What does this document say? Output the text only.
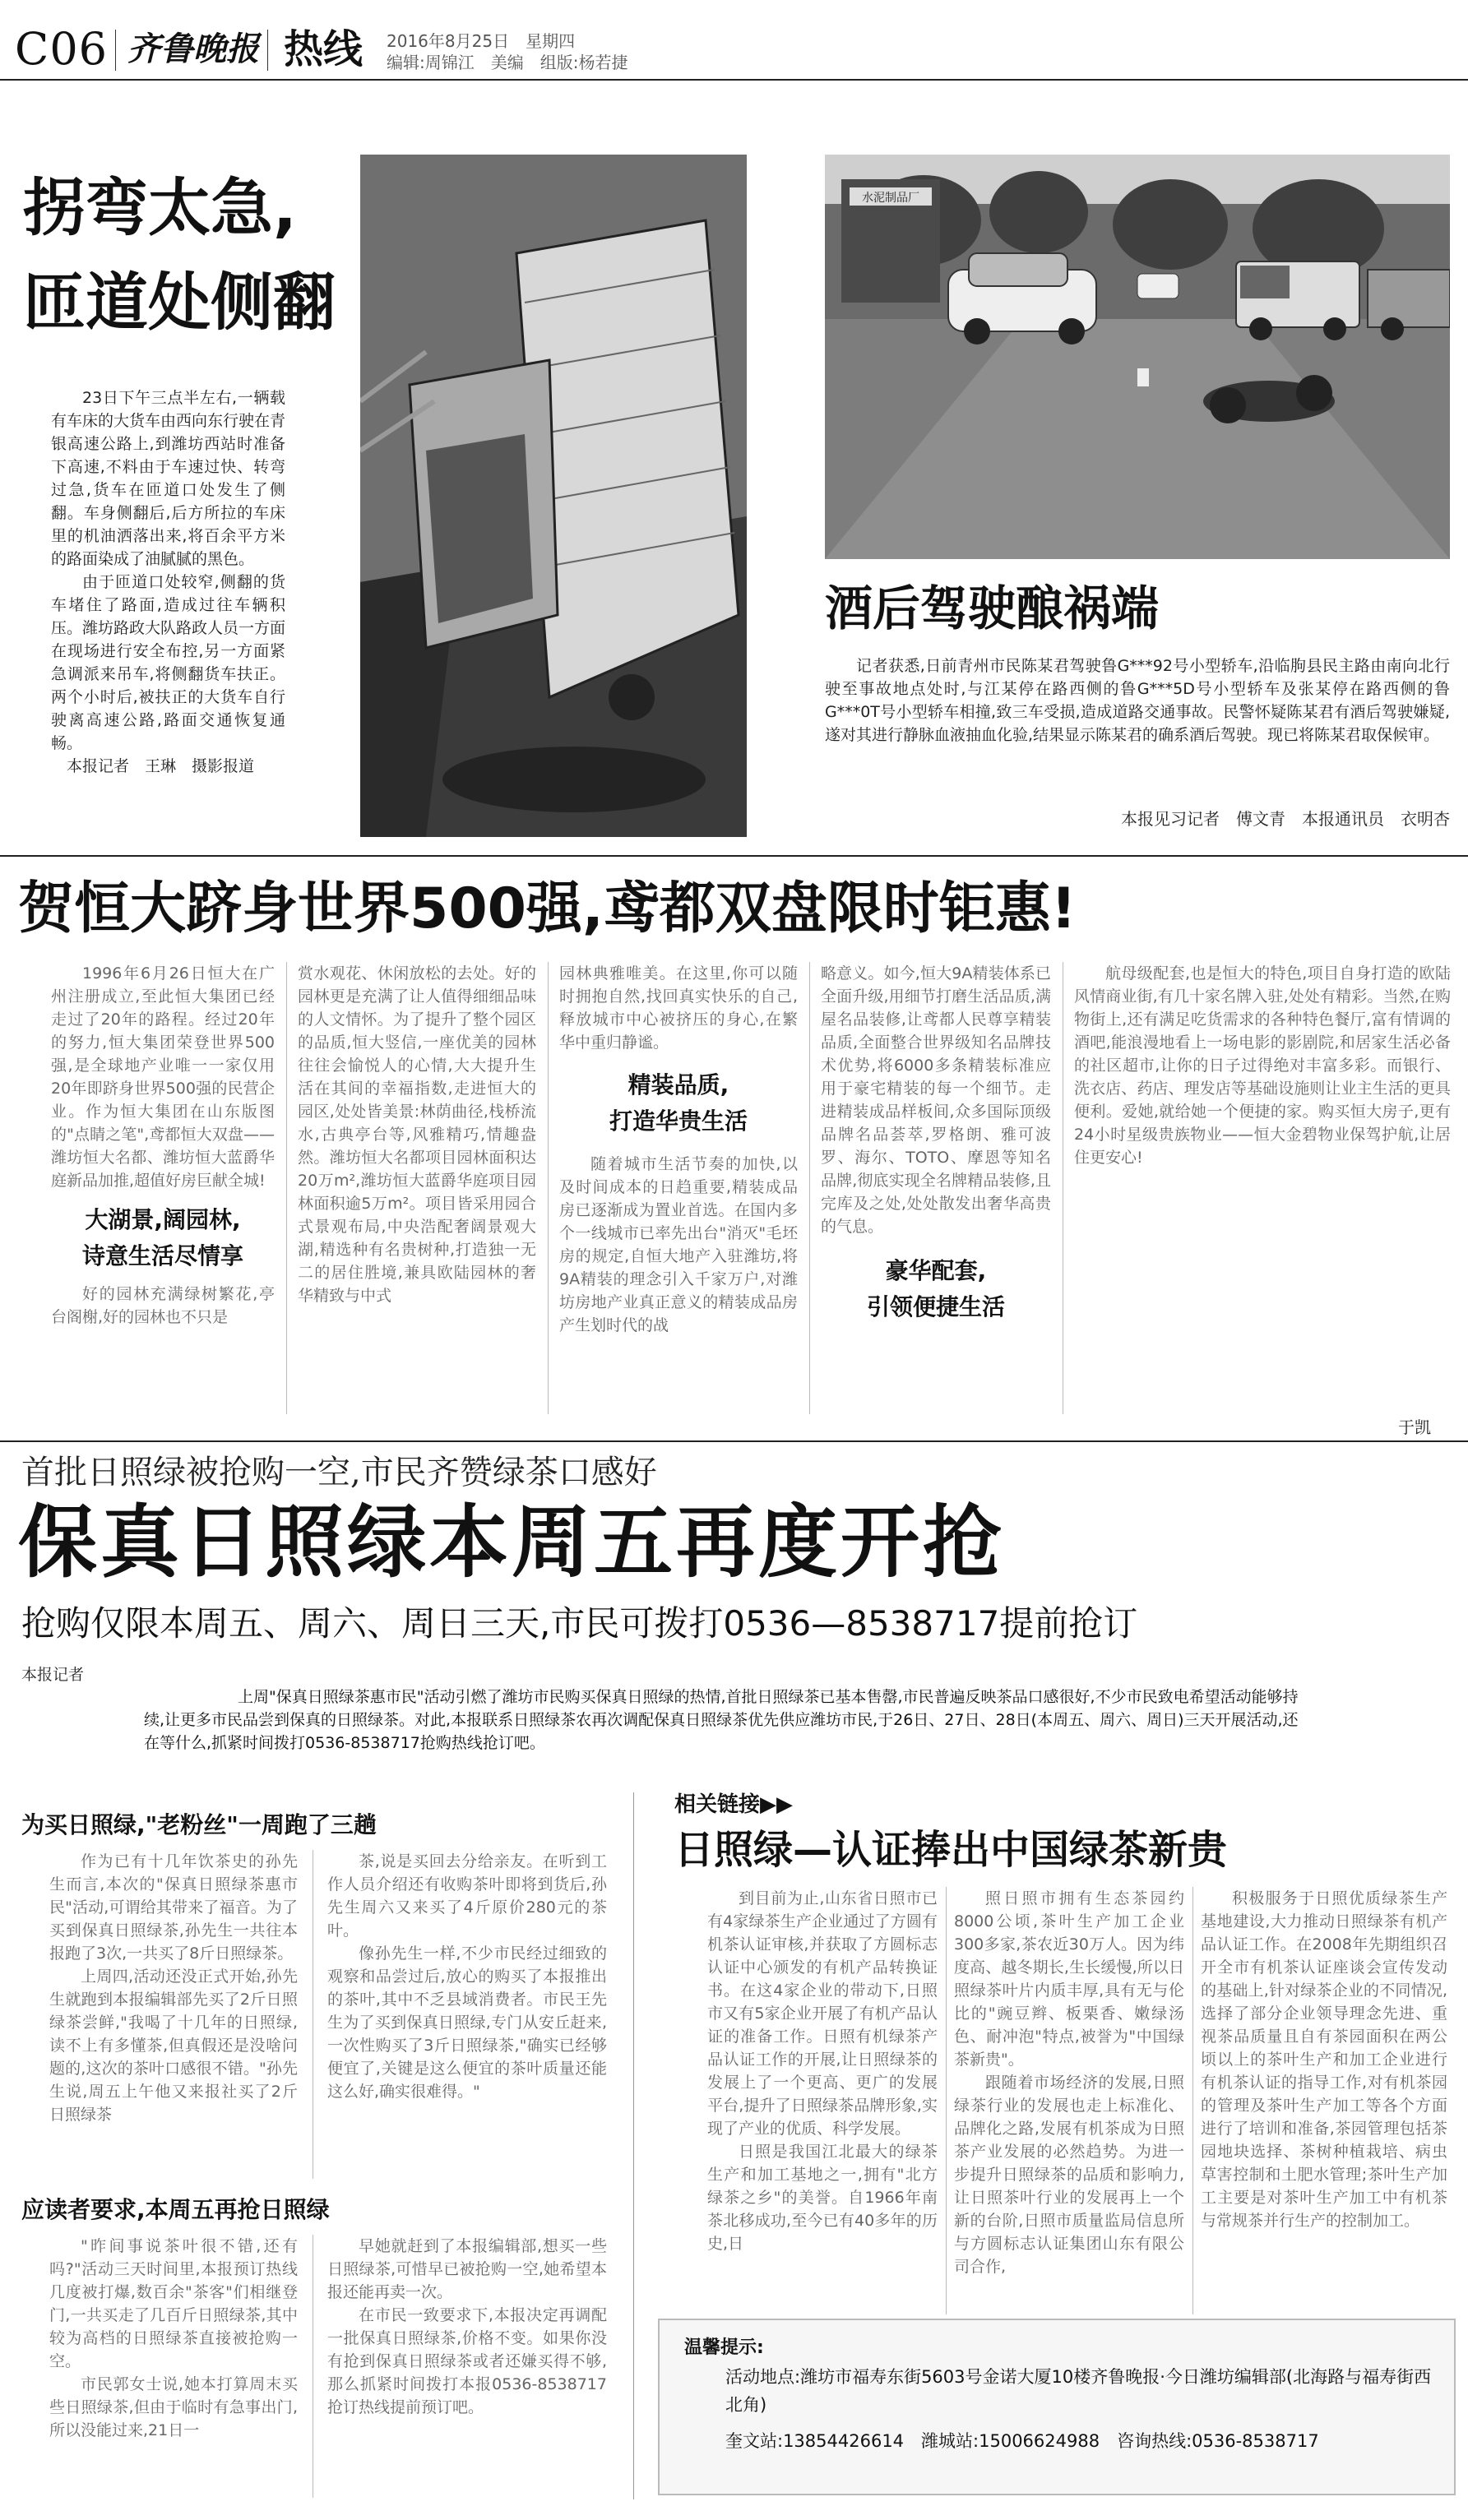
C06 齐鲁晚报 热线 2016年8月25日　星期四
编辑:周锦江　美编　组版:杨若捷
拐弯太急,
匝道处侧翻

23日下午三点半左右,一辆载有车床的大货车由西向东行驶在青银高速公路上,到潍坊西站时准备下高速,不料由于车速过快、转弯过急,货车在匝道口处发生了侧翻。车身侧翻后,后方所拉的车床里的机油洒落出来,将百余平方米的路面染成了油腻腻的黑色。

由于匝道口处较窄,侧翻的货车堵住了路面,造成过往车辆积压。潍坊路政大队路政人员一方面在现场进行安全布控,另一方面紧急调派来吊车,将侧翻货车扶正。两个小时后,被扶正的大货车自行驶离高速公路,路面交通恢复通畅。

本报记者　王琳　摄影报道

水泥制品厂
酒后驾驶酿祸端

记者获悉,日前青州市民陈某君驾驶鲁G***92号小型轿车,沿临朐县民主路由南向北行驶至事故地点处时,与江某停在路西侧的鲁G***5D号小型轿车及张某停在路西侧的鲁G***0T号小型轿车相撞,致三车受损,造成道路交通事故。民警怀疑陈某君有酒后驾驶嫌疑,遂对其进行静脉血液抽血化验,结果显示陈某君的确系酒后驾驶。现已将陈某君取保候审。

本报见习记者　傅文青　本报通讯员　衣明杏
贺恒大跻身世界500强,鸢都双盘限时钜惠!

1996年6月26日恒大在广州注册成立,至此恒大集团已经走过了20年的路程。经过20年的努力,恒大集团荣登世界500强,是全球地产业唯一一家仅用20年即跻身世界500强的民营企业。作为恒大集团在山东版图的"点睛之笔",鸢都恒大双盘——潍坊恒大名都、潍坊恒大蓝爵华庭新品加推,超值好房巨献全城!

大湖景,阔园林,
诗意生活尽情享

好的园林充满绿树繁花,亭台阁榭,好的园林也不只是

赏水观花、休闲放松的去处。好的园林更是充满了让人值得细细品味的人文情怀。为了提升了整个园区的品质,恒大竖信,一座优美的园林往往会愉悦人的心情,大大提升生活在其间的幸福指数,走进恒大的园区,处处皆美景:林荫曲径,栈桥流水,古典亭台等,风雅精巧,情趣盎然。潍坊恒大名都项目园林面积达20万m²,潍坊恒大蓝爵华庭项目园林面积逾5万m²。项目皆采用园合式景观布局,中央浩配奢阔景观大湖,精选种有名贵树种,打造独一无二的居住胜境,兼具欧陆园林的奢华精致与中式

园林典雅唯美。在这里,你可以随时拥抱自然,找回真实快乐的自己,释放城市中心被挤压的身心,在繁华中重归静谧。

精装品质,
打造华贵生活

随着城市生活节奏的加快,以及时间成本的日趋重要,精装成品房已逐渐成为置业首选。在国内多个一线城市已率先出台"消灭"毛坯房的规定,自恒大地产入驻潍坊,将9A精装的理念引入千家万户,对潍坊房地产业真正意义的精装成品房产生划时代的战

略意义。如今,恒大9A精装体系已全面升级,用细节打磨生活品质,满屋名品装修,让鸢都人民尊享精装品质,全面整合世界级知名品牌技术优势,将6000多条精装标准应用于豪宅精装的每一个细节。走进精装成品样板间,众多国际顶级品牌名品荟萃,罗格朗、雅可波罗、海尔、TOTO、摩恩等知名品牌,彻底实现全名牌精品装修,且完库及之处,处处散发出奢华高贵的气息。

豪华配套,
引领便捷生活

航母级配套,也是恒大的特色,项目自身打造的欧陆风情商业街,有几十家名牌入驻,处处有精彩。当然,在购物街上,还有满足吃货需求的各种特色餐厅,富有情调的酒吧,能浪漫地看上一场电影的影剧院,和居家生活必备的社区超市,让你的日子过得绝对丰富多彩。而银行、洗衣店、药店、理发店等基础设施则让业主生活的更具便利。爱她,就给她一个便捷的家。购买恒大房子,更有24小时星级贵族物业——恒大金碧物业保驾护航,让居住更安心!

于凯
首批日照绿被抢购一空,市民齐赞绿茶口感好
保真日照绿本周五再度开抢
抢购仅限本周五、周六、周日三天,市民可拨打0536—8538717提前抢订
本报记者
上周"保真日照绿茶惠市民"活动引燃了潍坊市民购买保真日照绿的热情,首批日照绿茶已基本售罄,市民普遍反映茶品口感很好,不少市民致电希望活动能够持续,让更多市民品尝到保真的日照绿茶。对此,本报联系日照绿茶农再次调配保真日照绿茶优先供应潍坊市民,于26日、27日、28日(本周五、周六、周日)三天开展活动,还在等什么,抓紧时间拨打0536-8538717抢购热线抢订吧。
为买日照绿,"老粉丝"一周跑了三趟

作为已有十几年饮茶史的孙先生而言,本次的"保真日照绿茶惠市民"活动,可谓给其带来了福音。为了买到保真日照绿茶,孙先生一共往本报跑了3次,一共买了8斤日照绿茶。

上周四,活动还没正式开始,孙先生就跑到本报编辑部先买了2斤日照绿茶尝鲜,"我喝了十几年的日照绿,读不上有多懂茶,但真假还是没啥问题的,这次的茶叶口感很不错。"孙先生说,周五上午他又来报社买了2斤日照绿茶

茶,说是买回去分给亲友。在听到工作人员介绍还有收购茶叶即将到货后,孙先生周六又来买了4斤原价280元的茶叶。

像孙先生一样,不少市民经过细致的观察和品尝过后,放心的购买了本报推出的茶叶,其中不乏县域消费者。市民王先生为了买到保真日照绿,专门从安丘赶来,一次性购买了3斤日照绿茶,"确实已经够便宜了,关键是这么便宜的茶叶质量还能这么好,确实很难得。"

应读者要求,本周五再抢日照绿

"昨间事说茶叶很不错,还有吗?"活动三天时间里,本报预订热线几度被打爆,数百余"茶客"们相继登门,一共买走了几百斤日照绿茶,其中较为高档的日照绿茶直接被抢购一空。

市民郭女士说,她本打算周末买些日照绿茶,但由于临时有急事出门,所以没能过来,21日一

早她就赶到了本报编辑部,想买一些日照绿茶,可惜早已被抢购一空,她希望本报还能再卖一次。

在市民一致要求下,本报决定再调配一批保真日照绿茶,价格不变。如果你没有抢到保真日照绿茶或者还嫌买得不够,那么抓紧时间拨打本报0536-8538717抢订热线提前预订吧。

相关链接▶▶
日照绿—认证捧出中国绿茶新贵

到目前为止,山东省日照市已有4家绿茶生产企业通过了方圆有机茶认证审核,并获取了方圆标志认证中心颁发的有机产品转换证书。在这4家企业的带动下,日照市又有5家企业开展了有机产品认证的准备工作。日照有机绿茶产品认证工作的开展,让日照绿茶的发展上了一个更高、更广的发展平台,提升了日照绿茶品牌形象,实现了产业的优质、科学发展。

日照是我国江北最大的绿茶生产和加工基地之一,拥有"北方绿茶之乡"的美誉。自1966年南茶北移成功,至今已有40多年的历史,日

照日照市拥有生态茶园约8000公顷,茶叶生产加工企业300多家,茶农近30万人。因为纬度高、越冬期长,生长缓慢,所以日照绿茶叶片内质丰厚,具有无与伦比的"豌豆辫、板栗香、嫩绿汤色、耐冲泡"特点,被誉为"中国绿茶新贵"。

跟随着市场经济的发展,日照绿茶行业的发展也走上标准化、品牌化之路,发展有机茶成为日照茶产业发展的必然趋势。为进一步提升日照绿茶的品质和影响力,让日照茶叶行业的发展再上一个新的台阶,日照市质量监局信息所与方圆标志认证集团山东有限公司合作,

积极服务于日照优质绿茶生产基地建设,大力推动日照绿茶有机产品认证工作。在2008年先期组织召开全市有机茶认证座谈会宣传发动的基础上,针对绿茶企业的不同情况,选择了部分企业领导理念先进、重视茶品质量且自有茶园面积在两公顷以上的茶叶生产和加工企业进行有机茶认证的指导工作,对有机茶园的管理及茶叶生产加工等各个方面进行了培训和准备,茶园管理包括茶园地块选择、茶树种植栽培、病虫草害控制和土肥水管理;茶叶生产加工主要是对茶叶生产加工中有机茶与常规茶并行生产的控制加工。

温馨提示:
活动地点:潍坊市福寿东街5603号金诺大厦10楼齐鲁晚报·今日潍坊编辑部(北海路与福寿街西北角)
奎文站:13854426614　潍城站:15006624988　咨询热线:0536-8538717
